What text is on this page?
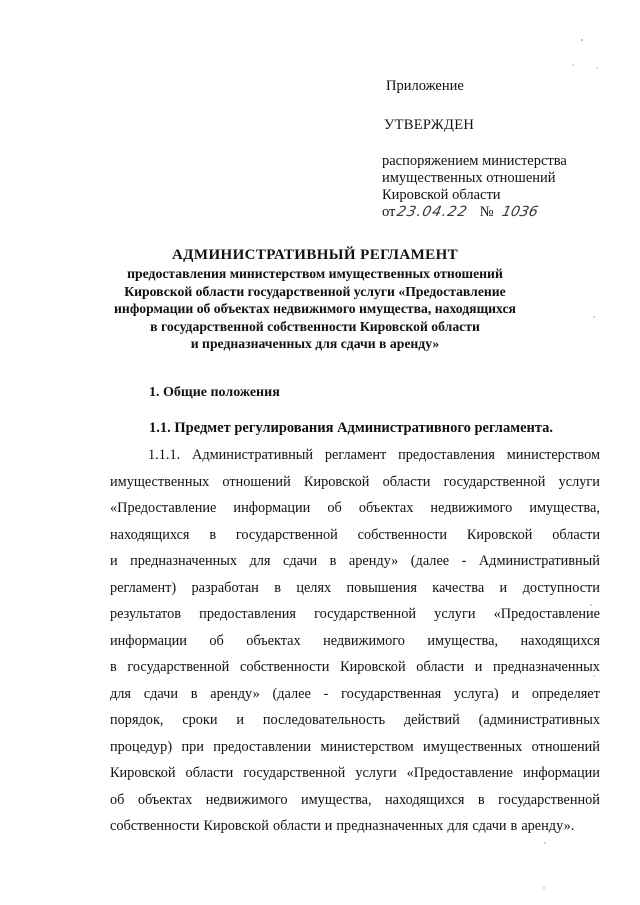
Приложение
УТВЕРЖДЕН
распоряжением министерства
имущественных отношений
Кировской области
от23.04.22 № 1036
АДМИНИСТРАТИВНЫЙ РЕГЛАМЕНТ
предоставления министерством имущественных отношений
Кировской области государственной услуги «Предоставление
информации об объектах недвижимого имущества, находящихся
в государственной собственности Кировской области
и предназначенных для сдачи в аренду»
1. Общие положения
1.1. Предмет регулирования Административного регламента.
1.1.1. Административный регламент предоставления министерством
имущественных отношений Кировской области государственной услуги
«Предоставление информации об объектах недвижимого имущества,
находящихся в государственной собственности Кировской области
и предназначенных для сдачи в аренду» (далее - Административный
регламент) разработан в целях повышения качества и доступности
результатов предоставления государственной услуги «Предоставление
информации об объектах недвижимого имущества, находящихся
в государственной собственности Кировской области и предназначенных
для сдачи в аренду» (далее - государственная услуга) и определяет
порядок, сроки и последовательность действий (административных
процедур) при предоставлении министерством имущественных отношений
Кировской области государственной услуги «Предоставление информации
об объектах недвижимого имущества, находящихся в государственной
собственности Кировской области и предназначенных для сдачи в аренду».
